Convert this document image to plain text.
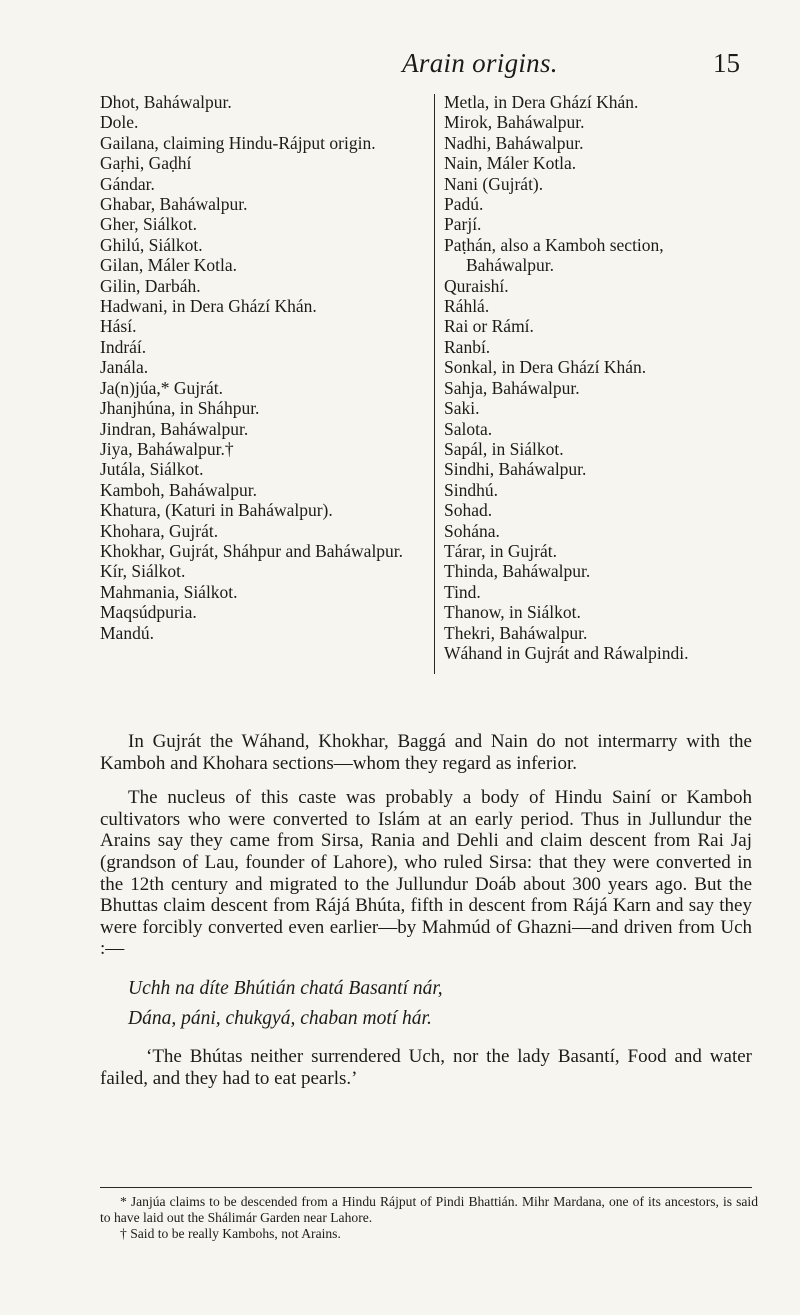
Arain origins.	15
Dhot, Baháwalpur.
Dole.
Gailana, claiming Hindu-Rájput origin.
Gaṛhi, Gaḍhí
Gándar.
Ghabar, Baháwalpur.
Gher, Siálkot.
Ghilú, Siálkot.
Gilan, Máler Kotla.
Gilin, Darbáh.
Hadwani, in Dera Ghází Khán.
Hásí.
Indráí.
Janála.
Ja(n)júa,* Gujrát.
Jhanjhúna, in Sháhpur.
Jindran, Baháwalpur.
Jiya, Baháwalpur.†
Jutála, Siálkot.
Kamboh, Baháwalpur.
Khatura, (Katuri in Baháwalpur).
Khohara, Gujrát.
Khokhar, Gujrát, Sháhpur and Baháwalpur.
Kír, Siálkot.
Mahmania, Siálkot.
Maqsúdpuria.
Mandú.
Metla, in Dera Ghází Khán.
Mirok, Baháwalpur.
Nadhi, Baháwalpur.
Nain, Máler Kotla.
Nani (Gujrát).
Padú.
Parjí.
Paṭhán, also a Kamboh section, Baháwalpur.
Quraishí.
Ráhlá.
Rai or Rámí.
Ranbí.
Sonkal, in Dera Ghází Khán.
Sahja, Baháwalpur.
Saki.
Salota.
Sapál, in Siálkot.
Sindhi, Baháwalpur.
Sindhú.
Sohad.
Sohána.
Tárar, in Gujrát.
Thinda, Baháwalpur.
Tind.
Thanow, in Siálkot.
Thekri, Baháwalpur.
Wáhand in Gujrát and Ráwalpindi.

In Gujrát the Wáhand, Khokhar, Baggá and Nain do not intermarry with the Kamboh and Khohara sections—whom they regard as inferior.

The nucleus of this caste was probably a body of Hindu Sainí or Kamboh cultivators who were converted to Islám at an early period. Thus in Jullundur the Arains say they came from Sirsa, Rania and Dehli and claim descent from Rai Jaj (grandson of Lau, founder of Lahore), who ruled Sirsa: that they were converted in the 12th century and migrated to the Jullundur Doáb about 300 years ago. But the Bhuttas claim descent from Rájá Bhúta, fifth in descent from Rájá Karn and say they were forcibly converted even earlier—by Mahmúd of Ghazni—and driven from Uch :—

Uchh na díte Bhútián chatá Basantí nár,
Dána, páni, chukgyá, chaban motí hár.

‘The Bhútas neither surrendered Uch, nor the lady Basantí, Food and water failed, and they had to eat pearls.’

* Janjúa claims to be descended from a Hindu Rájput of Pindi Bhattián. Mihr Mardana, one of its ancestors, is said to have laid out the Shálimár Garden near Lahore.

† Said to be really Kambohs, not Arains.
